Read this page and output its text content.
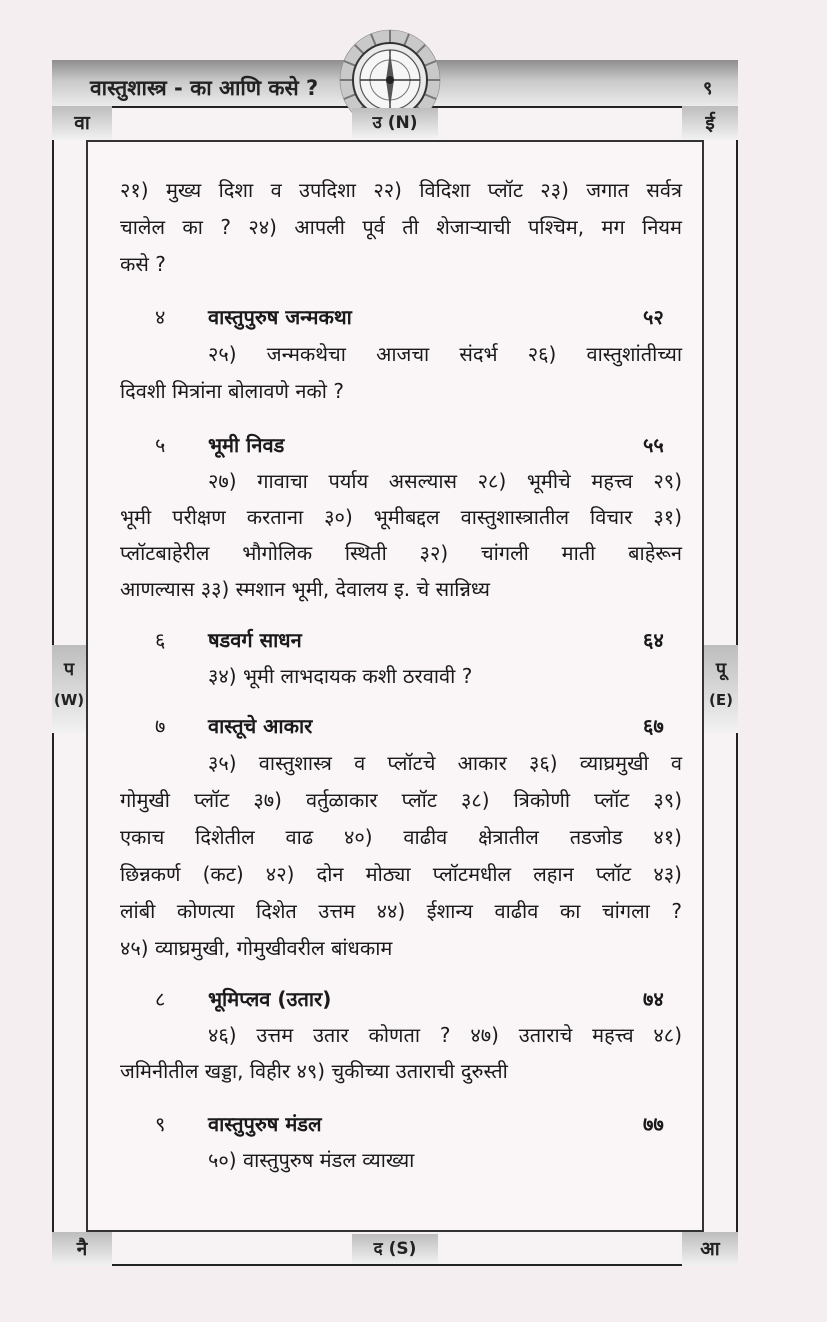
वास्तुशास्त्र - का आणि कसे ?	९
वा	उ (N)	ई
प
(W)
पू
(E)
नै	द (S)	आ
२१) मुख्य दिशा व उपदिशा २२) विदिशा प्लॉट २३) जगात सर्वत्र
चालेल का ? २४) आपली पूर्व ती शेजाऱ्याची पश्चिम, मग नियम
कसे ?
४ वास्तुपुरुष जन्मकथा	५२
२५) जन्मकथेचा आजचा संदर्भ २६) वास्तुशांतीच्या
दिवशी मित्रांना बोलावणे नको ?
५ भूमी निवड	५५
२७) गावाचा पर्याय असल्यास २८) भूमीचे महत्त्व २९)
भूमी परीक्षण करताना ३०) भूमीबद्दल वास्तुशास्त्रातील विचार ३१)
प्लॉटबाहेरील भौगोलिक स्थिती ३२) चांगली माती बाहेरून
आणल्यास ३३) स्मशान भूमी, देवालय इ. चे सान्निध्य
६ षडवर्ग साधन	६४
३४) भूमी लाभदायक कशी ठरवावी ?
७ वास्तूचे आकार	६७
३५) वास्तुशास्त्र व प्लॉटचे आकार ३६) व्याघ्रमुखी व
गोमुखी प्लॉट ३७) वर्तुळाकार प्लॉट ३८) त्रिकोणी प्लॉट ३९)
एकाच दिशेतील वाढ ४०) वाढीव क्षेत्रातील तडजोड ४१)
छिन्नकर्ण (कट) ४२) दोन मोठ्या प्लॉटमधील लहान प्लॉट ४३)
लांबी कोणत्या दिशेत उत्तम ४४) ईशान्य वाढीव का चांगला ?
४५) व्याघ्रमुखी, गोमुखीवरील बांधकाम
८ भूमिप्लव (उतार)	७४
४६) उत्तम उतार कोणता ? ४७) उताराचे महत्त्व ४८)
जमिनीतील खड्डा, विहीर ४९) चुकीच्या उताराची दुरुस्ती
९ वास्तुपुरुष मंडल	७७
५०) वास्तुपुरुष मंडल व्याख्या
